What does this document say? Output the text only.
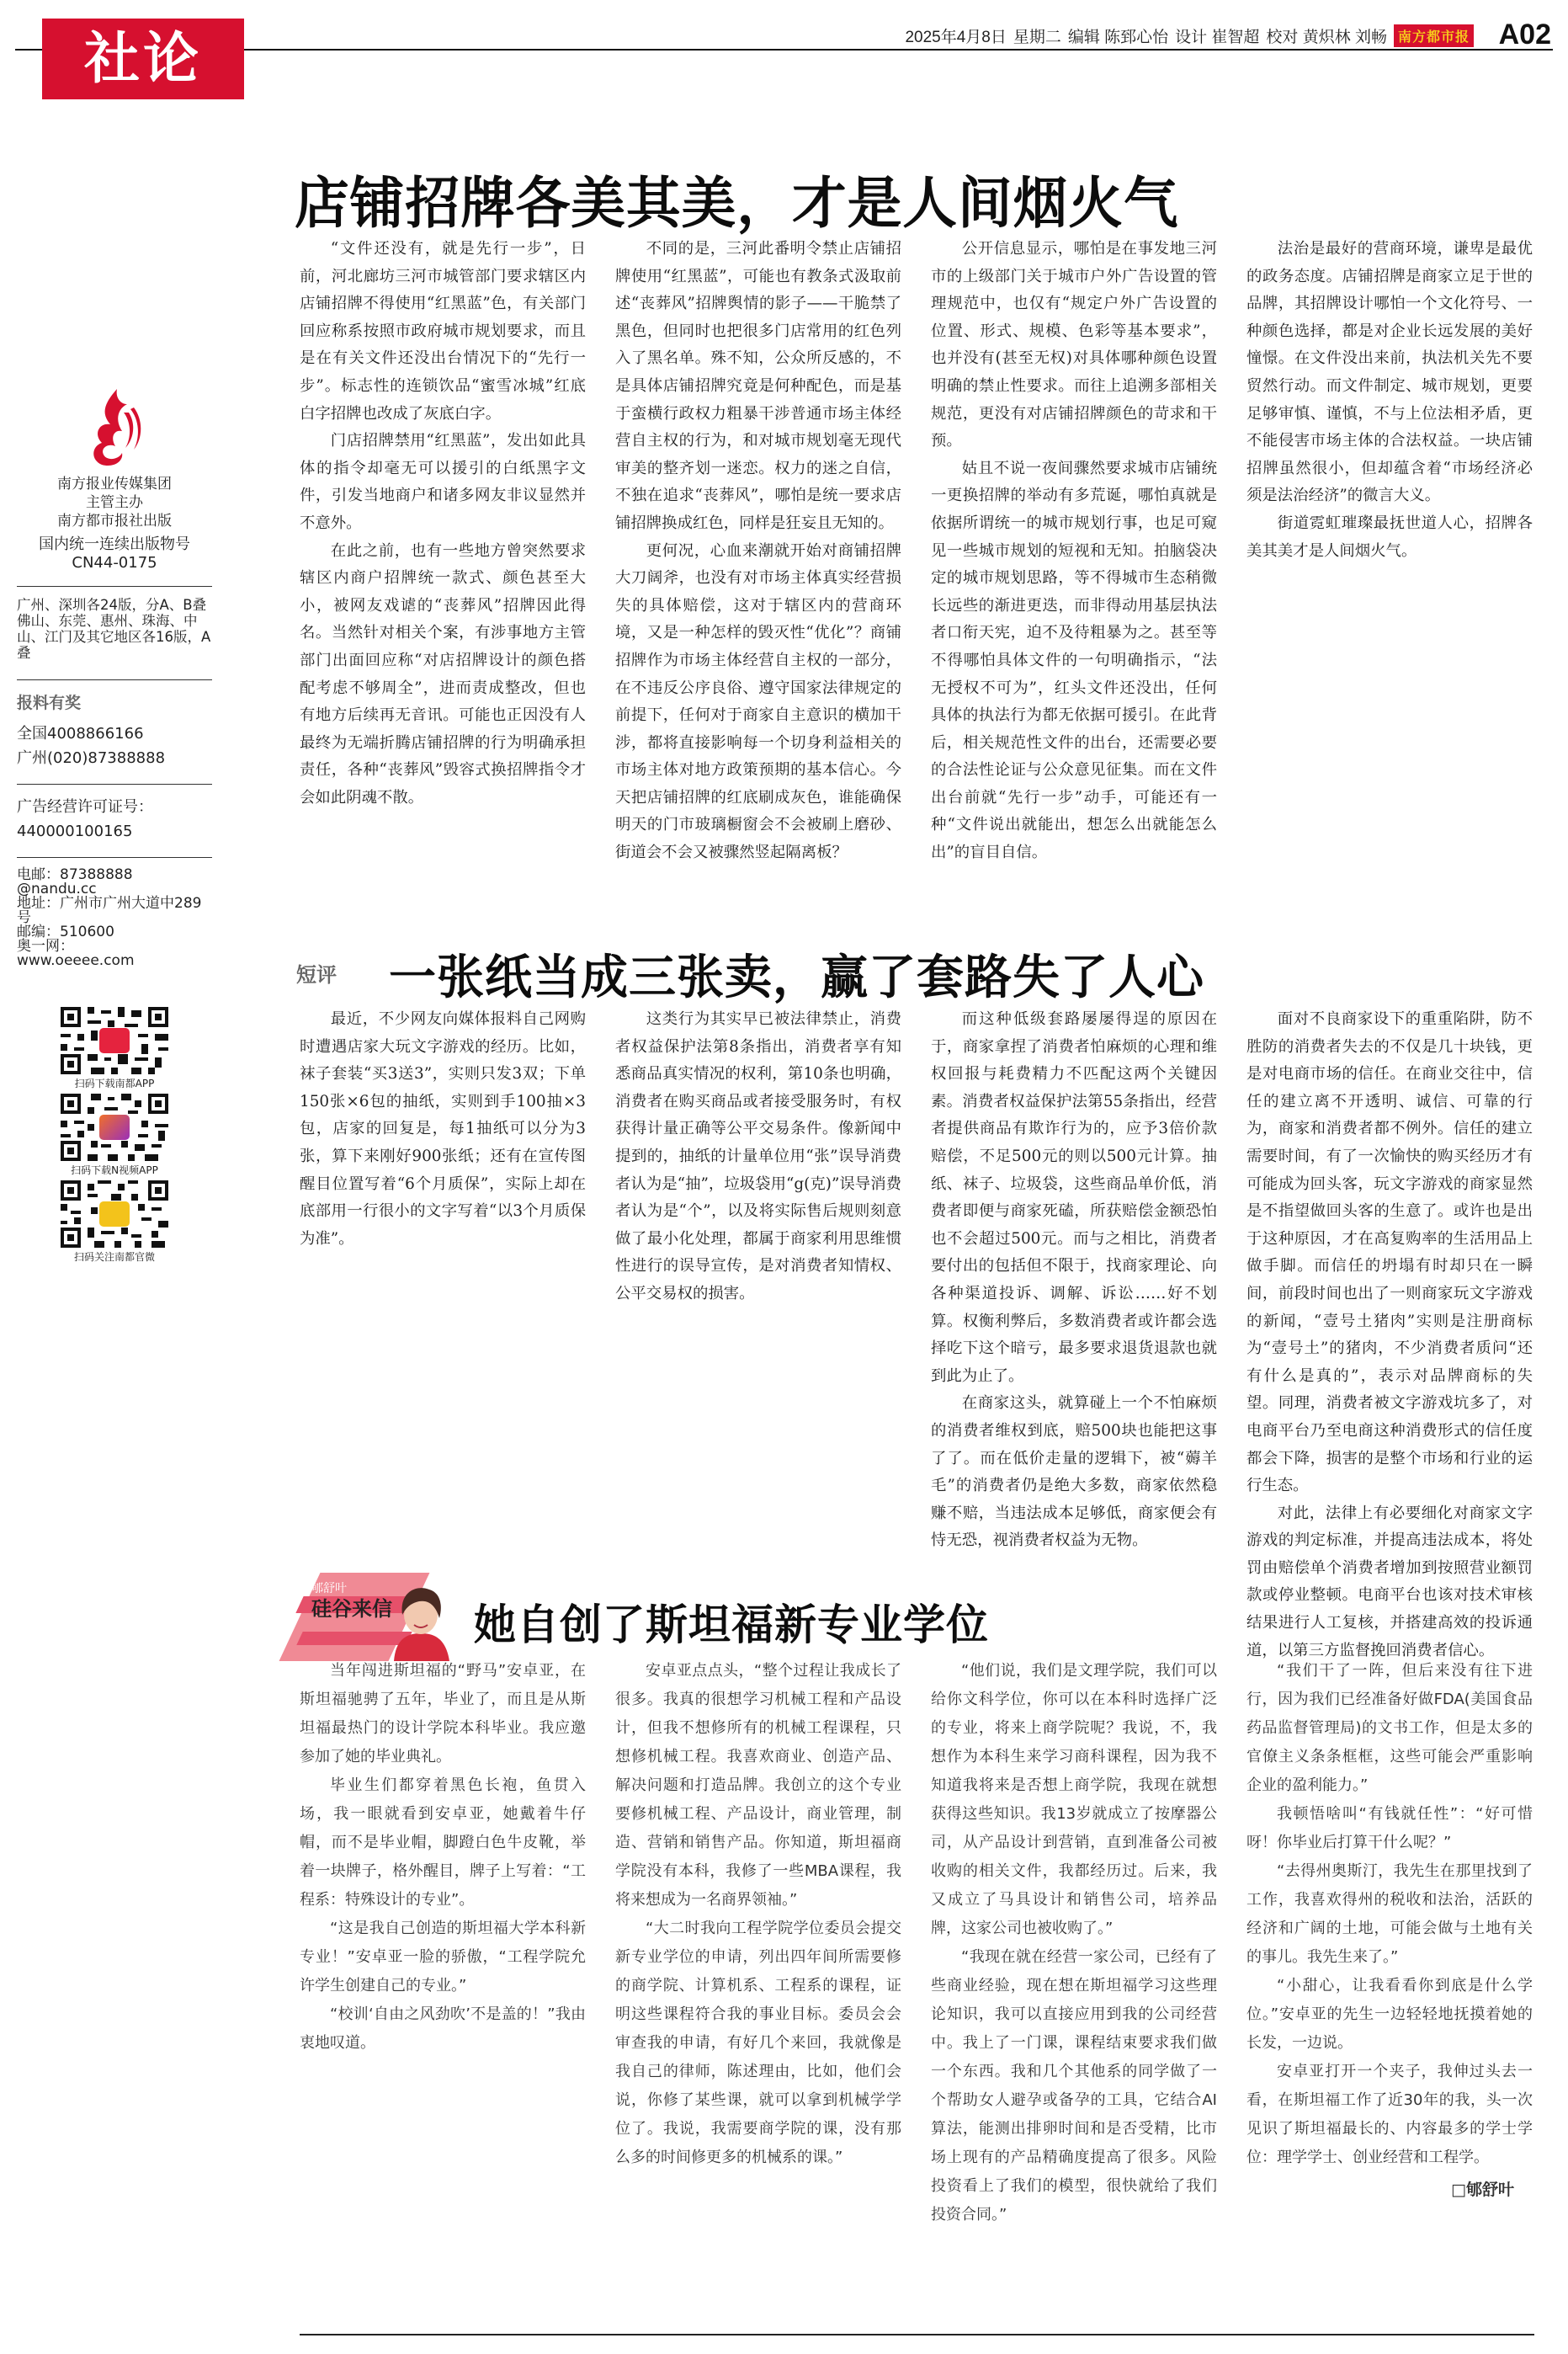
社论	2025年4月8日 星期二 编辑 陈郅心怡 设计 崔智超 校对 黄炽林 刘畅 南方都市报 A02
南方报业传媒集团
主管主办
南方都市报社出版
国内统一连续出版物号
CN44-0175
广州、深圳各24版，分A、B叠
佛山、东莞、惠州、珠海、中山、江门及其它地区各16版，A叠
报料有奖
全国4008866166
广州(020)87388888
广告经营许可证号：
440000100165
电邮：87388888
@nandu.cc
地址：广州市广州大道中289号
邮编：510600
奥一网：
www.oeeee.com
扫码下载南都APP
扫码下载N视频APP
扫码关注南都官微
店铺招牌各美其美，才是人间烟火气

“文件还没有，就是先行一步”，日前，河北廊坊三河市城管部门要求辖区内店铺招牌不得使用“红黑蓝”色，有关部门回应称系按照市政府城市规划要求，而且是在有关文件还没出台情况下的“先行一步”。标志性的连锁饮品“蜜雪冰城”红底白字招牌也改成了灰底白字。

门店招牌禁用“红黑蓝”，发出如此具体的指令却毫无可以援引的白纸黑字文件，引发当地商户和诸多网友非议显然并不意外。

在此之前，也有一些地方曾突然要求辖区内商户招牌统一款式、颜色甚至大小，被网友戏谑的“丧葬风”招牌因此得名。当然针对相关个案，有涉事地方主管部门出面回应称“对店招牌设计的颜色搭配考虑不够周全”，进而责成整改，但也有地方后续再无音讯。可能也正因没有人最终为无端折腾店铺招牌的行为明确承担责任，各种“丧葬风”毁容式换招牌指令才会如此阴魂不散。

不同的是，三河此番明令禁止店铺招牌使用“红黑蓝”，可能也有教条式汲取前述“丧葬风”招牌舆情的影子——干脆禁了黑色，但同时也把很多门店常用的红色列入了黑名单。殊不知，公众所反感的，不是具体店铺招牌究竟是何种配色，而是基于蛮横行政权力粗暴干涉普通市场主体经营自主权的行为，和对城市规划毫无现代审美的整齐划一迷恋。权力的迷之自信，不独在追求“丧葬风”，哪怕是统一要求店铺招牌换成红色，同样是狂妄且无知的。

更何况，心血来潮就开始对商铺招牌大刀阔斧，也没有对市场主体真实经营损失的具体赔偿，这对于辖区内的营商环境，又是一种怎样的毁灭性“优化”？商铺招牌作为市场主体经营自主权的一部分，在不违反公序良俗、遵守国家法律规定的前提下，任何对于商家自主意识的横加干涉，都将直接影响每一个切身利益相关的市场主体对地方政策预期的基本信心。今天把店铺招牌的红底刷成灰色，谁能确保明天的门市玻璃橱窗会不会被刷上磨砂、街道会不会又被骤然竖起隔离板？

公开信息显示，哪怕是在事发地三河市的上级部门关于城市户外广告设置的管理规范中，也仅有“规定户外广告设置的位置、形式、规模、色彩等基本要求”，也并没有(甚至无权)对具体哪种颜色设置明确的禁止性要求。而往上追溯多部相关规范，更没有对店铺招牌颜色的苛求和干预。

姑且不说一夜间骤然要求城市店铺统一更换招牌的举动有多荒诞，哪怕真就是依据所谓统一的城市规划行事，也足可窥见一些城市规划的短视和无知。拍脑袋决定的城市规划思路，等不得城市生态稍微长远些的渐进更迭，而非得动用基层执法者口衔天宪，迫不及待粗暴为之。甚至等不得哪怕具体文件的一句明确指示，“法无授权不可为”，红头文件还没出，任何具体的执法行为都无依据可援引。在此背后，相关规范性文件的出台，还需要必要的合法性论证与公众意见征集。而在文件出台前就“先行一步”动手，可能还有一种“文件说出就能出，想怎么出就能怎么出”的盲目自信。

法治是最好的营商环境，谦卑是最优的政务态度。店铺招牌是商家立足于世的品牌，其招牌设计哪怕一个文化符号、一种颜色选择，都是对企业长远发展的美好憧憬。在文件没出来前，执法机关先不要贸然行动。而文件制定、城市规划，更要足够审慎、谨慎，不与上位法相矛盾，更不能侵害市场主体的合法权益。一块店铺招牌虽然很小，但却蕴含着“市场经济必须是法治经济”的微言大义。

街道霓虹璀璨最抚世道人心，招牌各美其美才是人间烟火气。

短评 一张纸当成三张卖，赢了套路失了人心

最近，不少网友向媒体报料自己网购时遭遇店家大玩文字游戏的经历。比如，袜子套装“买3送3”，实则只发3双；下单150张×6包的抽纸，实则到手100抽×3包，店家的回复是，每1抽纸可以分为3张，算下来刚好900张纸；还有在宣传图醒目位置写着“6个月质保”，实际上却在底部用一行很小的文字写着“以3个月质保为准”。

这类行为其实早已被法律禁止，消费者权益保护法第8条指出，消费者享有知悉商品真实情况的权利，第10条也明确，消费者在购买商品或者接受服务时，有权获得计量正确等公平交易条件。像新闻中提到的，抽纸的计量单位用“张”误导消费者认为是“抽”，垃圾袋用“g(克)”误导消费者认为是“个”，以及将实际售后规则刻意做了最小化处理，都属于商家利用思维惯性进行的误导宣传，是对消费者知情权、公平交易权的损害。

而这种低级套路屡屡得逞的原因在于，商家拿捏了消费者怕麻烦的心理和维权回报与耗费精力不匹配这两个关键因素。消费者权益保护法第55条指出，经营者提供商品有欺诈行为的，应予3倍价款赔偿，不足500元的则以500元计算。抽纸、袜子、垃圾袋，这些商品单价低，消费者即便与商家死磕，所获赔偿金额恐怕也不会超过500元。而与之相比，消费者要付出的包括但不限于，找商家理论、向各种渠道投诉、调解、诉讼……好不划算。权衡利弊后，多数消费者或许都会选择吃下这个暗亏，最多要求退货退款也就到此为止了。

在商家这头，就算碰上一个不怕麻烦的消费者维权到底，赔500块也能把这事了了。而在低价走量的逻辑下，被“薅羊毛”的消费者仍是绝大多数，商家依然稳赚不赔，当违法成本足够低，商家便会有恃无恐，视消费者权益为无物。

面对不良商家设下的重重陷阱，防不胜防的消费者失去的不仅是几十块钱，更是对电商市场的信任。在商业交往中，信任的建立离不开透明、诚信、可靠的行为，商家和消费者都不例外。信任的建立需要时间，有了一次愉快的购买经历才有可能成为回头客，玩文字游戏的商家显然是不指望做回头客的生意了。或许也是出于这种原因，才在高复购率的生活用品上做手脚。而信任的坍塌有时却只在一瞬间，前段时间也出了一则商家玩文字游戏的新闻，“壹号土猪肉”实则是注册商标为“壹号土”的猪肉，不少消费者质问“还有什么是真的”，表示对品牌商标的失望。同理，消费者被文字游戏坑多了，对电商平台乃至电商这种消费形式的信任度都会下降，损害的是整个市场和行业的运行生态。

对此，法律上有必要细化对商家文字游戏的判定标准，并提高违法成本，将处罚由赔偿单个消费者增加到按照营业额罚款或停业整顿。电商平台也该对技术审核结果进行人工复核，并搭建高效的投诉通道，以第三方监督挽回消费者信心。

郇舒叶
硅谷来信 她自创了斯坦福新专业学位

当年闯进斯坦福的“野马”安卓亚，在斯坦福驰骋了五年，毕业了，而且是从斯坦福最热门的设计学院本科毕业。我应邀参加了她的毕业典礼。

毕业生们都穿着黑色长袍，鱼贯入场，我一眼就看到安卓亚，她戴着牛仔帽，而不是毕业帽，脚蹬白色牛皮靴，举着一块牌子，格外醒目，牌子上写着：“工程系：特殊设计的专业”。

“这是我自己创造的斯坦福大学本科新专业！”安卓亚一脸的骄傲，“工程学院允许学生创建自己的专业。”

“校训‘自由之风劲吹’不是盖的！”我由衷地叹道。

安卓亚点点头，“整个过程让我成长了很多。我真的很想学习机械工程和产品设计，但我不想修所有的机械工程课程，只想修机械工程。我喜欢商业、创造产品、解决问题和打造品牌。我创立的这个专业要修机械工程、产品设计，商业管理，制造、营销和销售产品。你知道，斯坦福商学院没有本科，我修了一些MBA课程，我将来想成为一名商界领袖。”

“大二时我向工程学院学位委员会提交新专业学位的申请，列出四年间所需要修的商学院、计算机系、工程系的课程，证明这些课程符合我的事业目标。委员会会审查我的申请，有好几个来回，我就像是我自己的律师，陈述理由，比如，他们会说，你修了某些课，就可以拿到机械学学位了。我说，我需要商学院的课，没有那么多的时间修更多的机械系的课。”

“他们说，我们是文理学院，我们可以给你文科学位，你可以在本科时选择广泛的专业，将来上商学院呢？我说，不，我想作为本科生来学习商科课程，因为我不知道我将来是否想上商学院，我现在就想获得这些知识。我13岁就成立了按摩器公司，从产品设计到营销，直到准备公司被收购的相关文件，我都经历过。后来，我又成立了马具设计和销售公司，培养品牌，这家公司也被收购了。”

“我现在就在经营一家公司，已经有了些商业经验，现在想在斯坦福学习这些理论知识，我可以直接应用到我的公司经营中。我上了一门课，课程结束要求我们做一个东西。我和几个其他系的同学做了一个帮助女人避孕或备孕的工具，它结合AI算法，能测出排卵时间和是否受精，比市场上现有的产品精确度提高了很多。风险投资看上了我们的模型，很快就给了我们投资合同。”

“我们干了一阵，但后来没有往下进行，因为我们已经准备好做FDA(美国食品药品监督管理局)的文书工作，但是太多的官僚主义条条框框，这些可能会严重影响企业的盈利能力。”

我顿悟啥叫“有钱就任性”：“好可惜呀！你毕业后打算干什么呢？”

“去得州奥斯汀，我先生在那里找到了工作，我喜欢得州的税收和法治，活跃的经济和广阔的土地，可能会做与土地有关的事儿。我先生来了。”

“小甜心，让我看看你到底是什么学位。”安卓亚的先生一边轻轻地抚摸着她的长发，一边说。

安卓亚打开一个夹子，我伸过头去一看，在斯坦福工作了近30年的我，头一次见识了斯坦福最长的、内容最多的学士学位：理学学士、创业经营和工程学。

□郇舒叶
